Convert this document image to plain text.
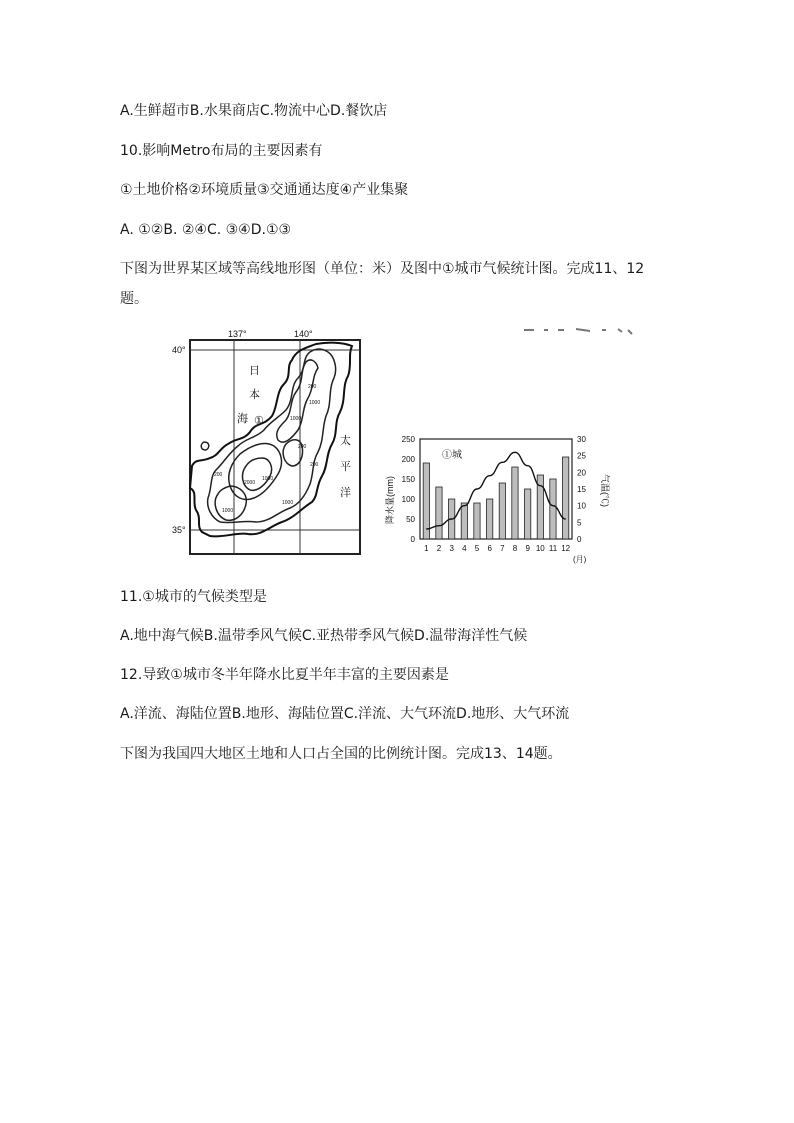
A.生鲜超市B.水果商店C.物流中心D.餐饮店
10.影响Metro布局的主要因素有
①土地价格②环境质量③交通通达度④产业集聚
A. ①②B. ②④C. ③④D.①③
下图为世界某区域等高线地形图（单位：米）及图中①城市气候统计图。完成11、12
题。
137°	140°
40°
35°
日
本
海 ①
太
平
洋
200
1000
200
200
1000
2000
1000
1000
200
1000
0
50
100
150
200
250
0
5
10
15
20
25
30
1 2 3 4 5 6 7 8 9 10 11 12
①城
(月)
降水量(mm)	气温(℃)
11.①城市的气候类型是
A.地中海气候B.温带季风气候C.亚热带季风气候D.温带海洋性气候
12.导致①城市冬半年降水比夏半年丰富的主要因素是
A.洋流、海陆位置B.地形、海陆位置C.洋流、大气环流D.地形、大气环流
下图为我国四大地区土地和人口占全国的比例统计图。完成13、14题。
